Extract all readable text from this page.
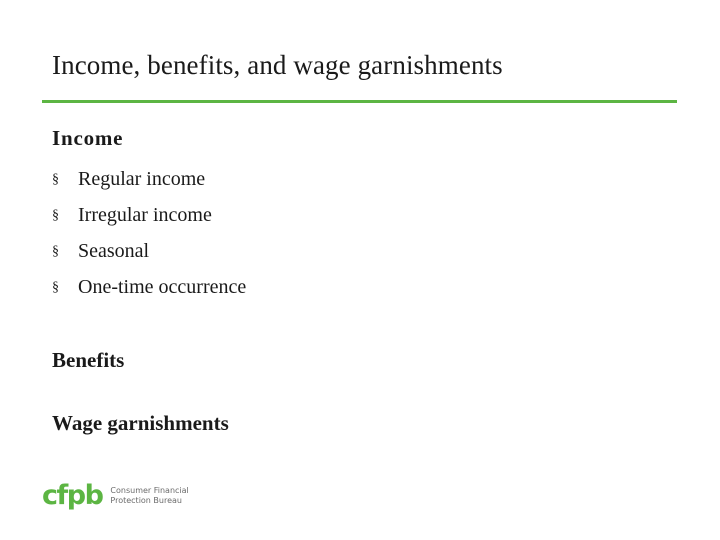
Income, benefits, and wage garnishments
Income
§ Regular income
§ Irregular income
§ Seasonal
§ One-time occurrence
Benefits
Wage garnishments
cfpb Consumer Financial
Protection Bureau
